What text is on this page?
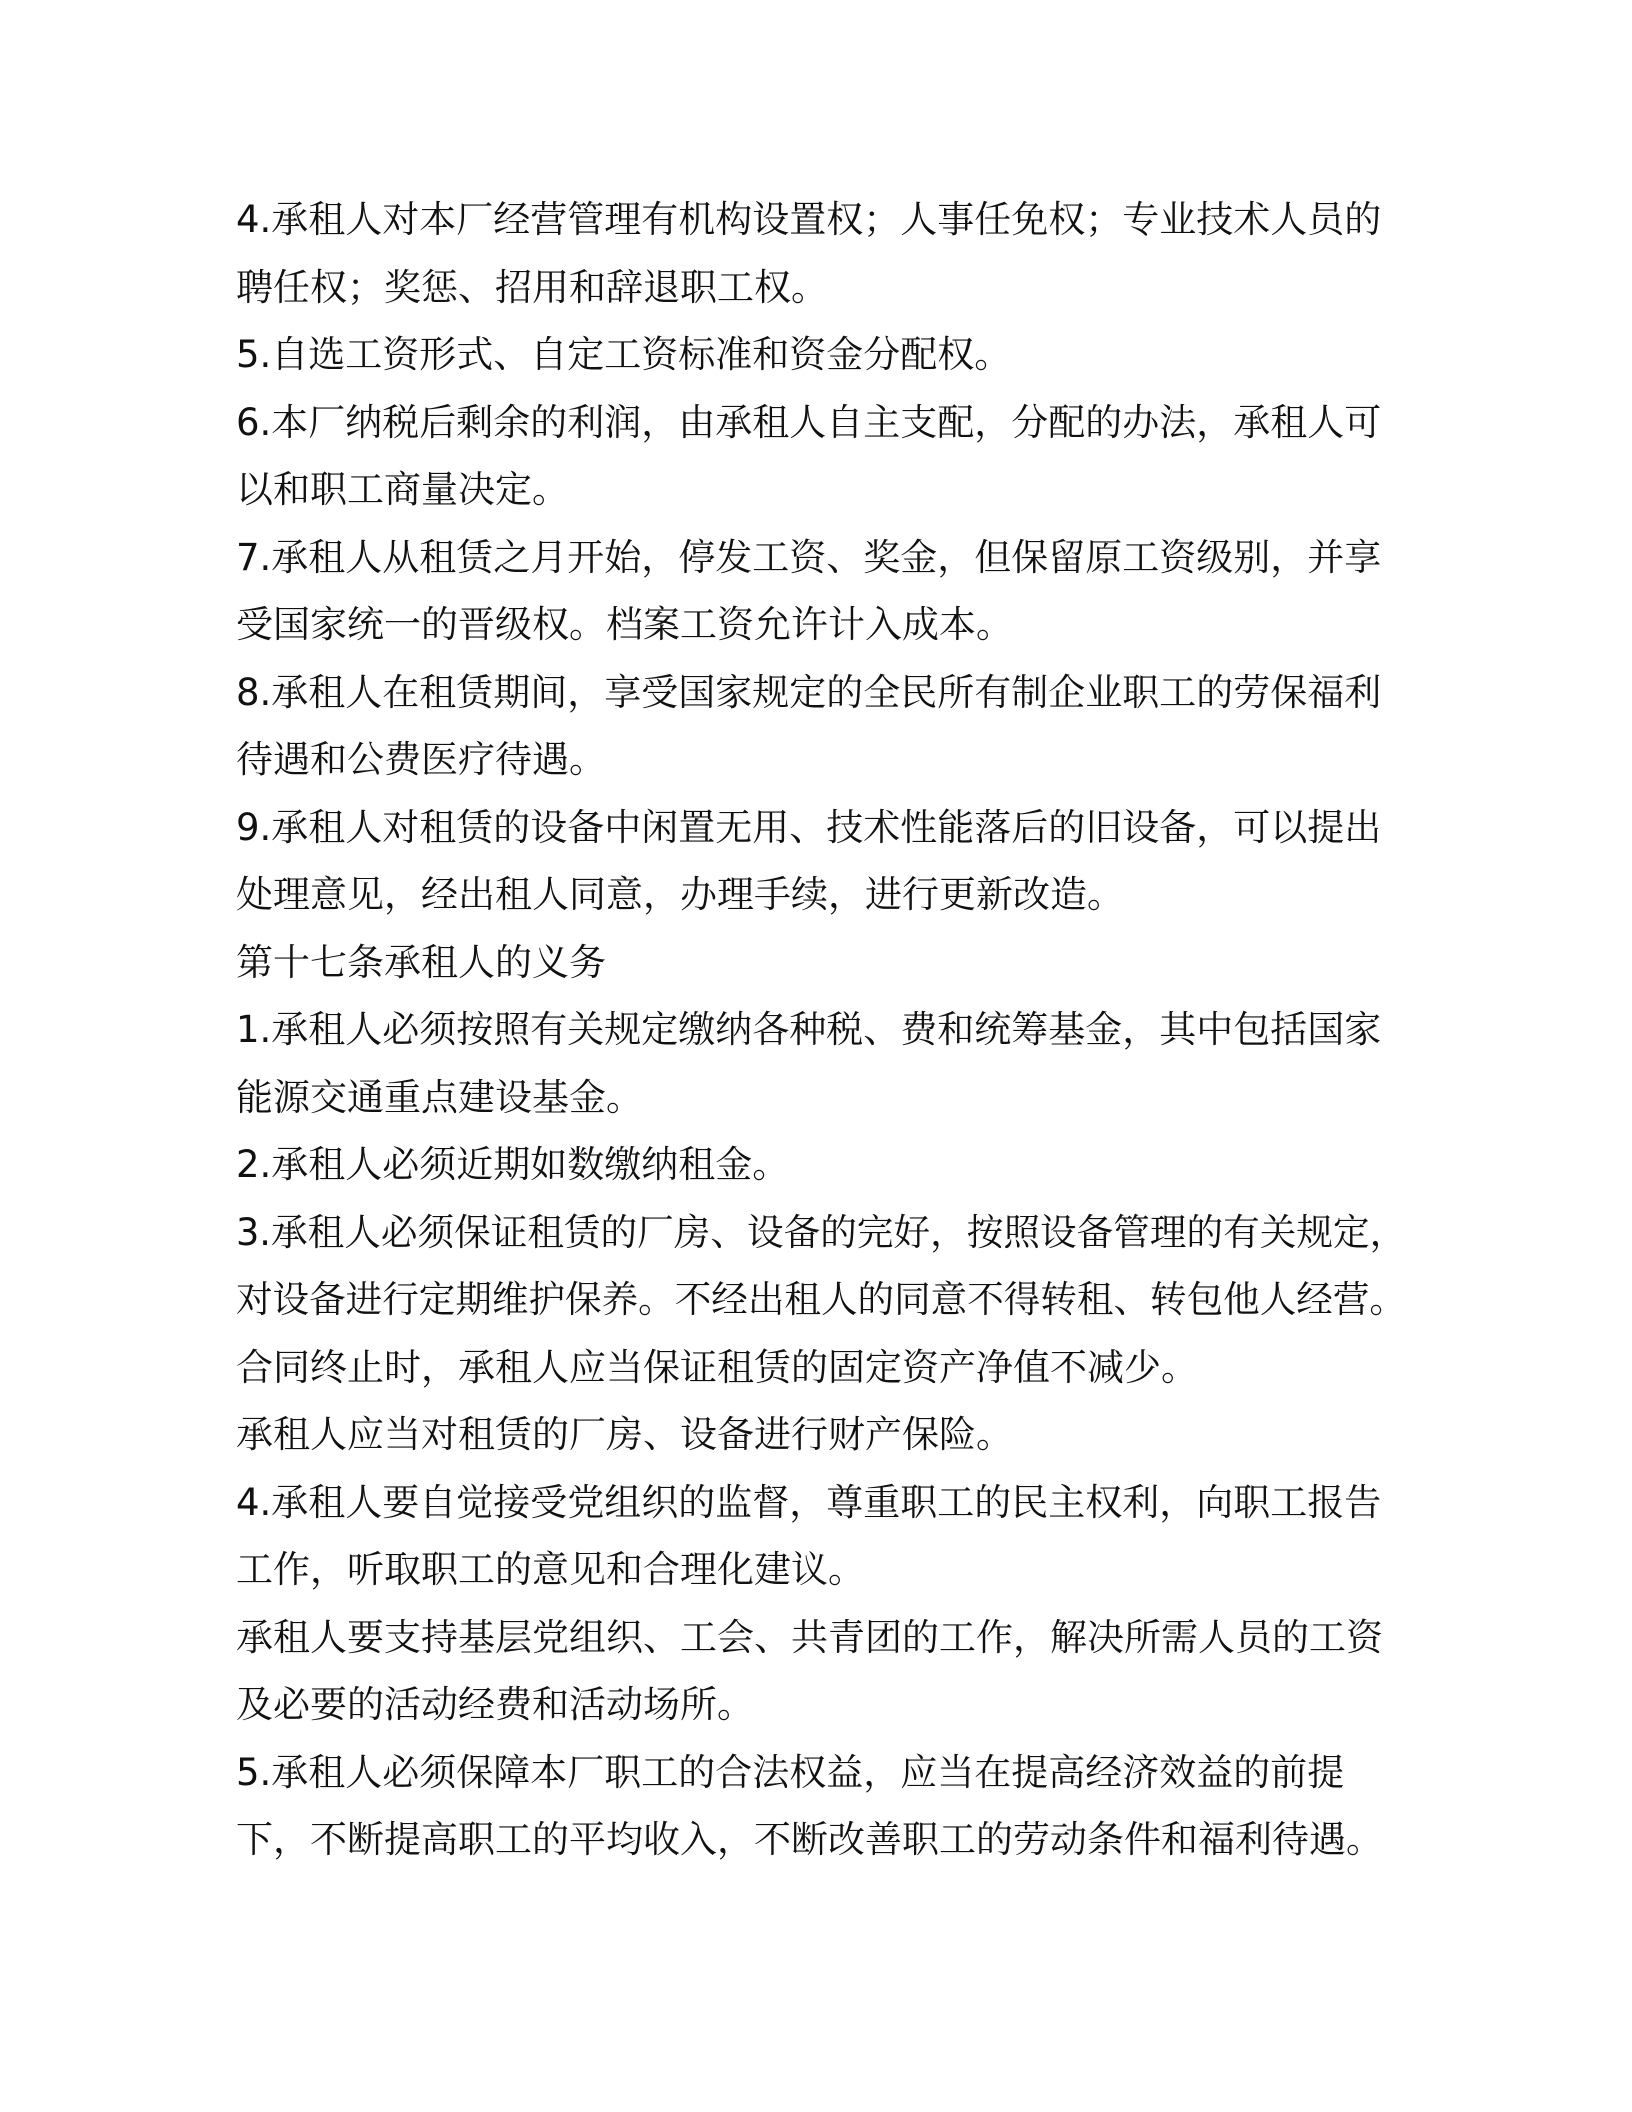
4.承租人对本厂经营管理有机构设置权；人事任免权；专业技术人员的
聘任权；奖惩、招用和辞退职工权。

5.自选工资形式、自定工资标准和资金分配权。

6.本厂纳税后剩余的利润，由承租人自主支配，分配的办法，承租人可
以和职工商量决定。

7.承租人从租赁之月开始，停发工资、奖金，但保留原工资级别，并享
受国家统一的晋级权。档案工资允许计入成本。

8.承租人在租赁期间，享受国家规定的全民所有制企业职工的劳保福利
待遇和公费医疗待遇。

9.承租人对租赁的设备中闲置无用、技术性能落后的旧设备，可以提出
处理意见，经出租人同意，办理手续，进行更新改造。

第十七条承租人的义务

1.承租人必须按照有关规定缴纳各种税、费和统筹基金，其中包括国家
能源交通重点建设基金。

2.承租人必须近期如数缴纳租金。

3.承租人必须保证租赁的厂房、设备的完好，按照设备管理的有关规定，
对设备进行定期维护保养。不经出租人的同意不得转租、转包他人经营。
合同终止时，承租人应当保证租赁的固定资产净值不减少。

承租人应当对租赁的厂房、设备进行财产保险。

4.承租人要自觉接受党组织的监督，尊重职工的民主权利，向职工报告
工作，听取职工的意见和合理化建议。

承租人要支持基层党组织、工会、共青团的工作，解决所需人员的工资
及必要的活动经费和活动场所。

5.承租人必须保障本厂职工的合法权益，应当在提高经济效益的前提
下，不断提高职工的平均收入，不断改善职工的劳动条件和福利待遇。
